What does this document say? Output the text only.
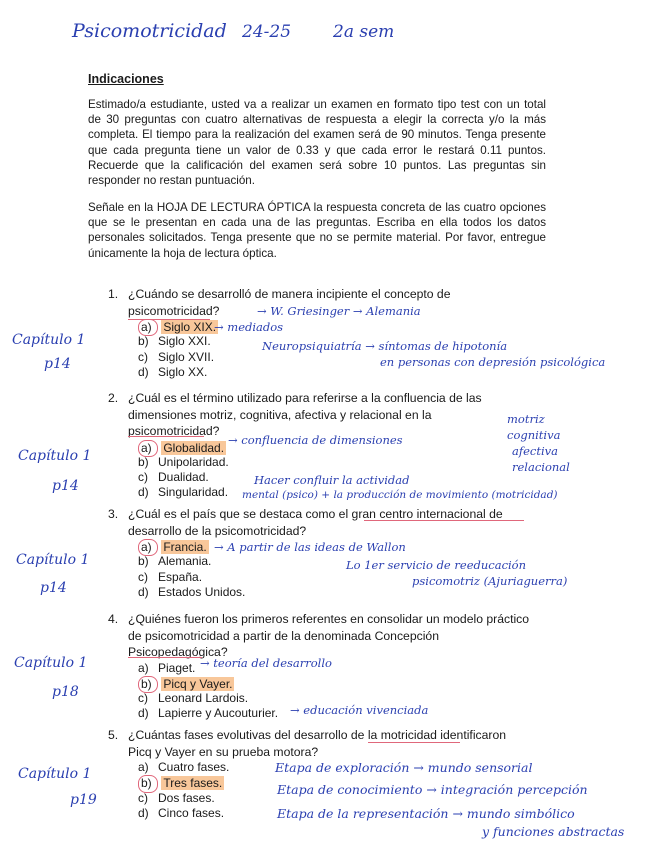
Psicomotricidad 24-25 2a sem
Indicaciones
Estimado/a estudiante, usted va a realizar un examen en formato tipo test con un total de 30 preguntas con cuatro alternativas de respuesta a elegir la correcta y/o la más completa. El tiempo para la realización del examen será de 90 minutos. Tenga presente que cada pregunta tiene un valor de 0.33 y que cada error le restará 0.11 puntos. Recuerde que la calificación del examen será sobre 10 puntos. Las preguntas sin responder no restan puntuación.
Señale en la HOJA DE LECTURA ÓPTICA la respuesta concreta de las cuatro opciones que se le presentan en cada una de las preguntas. Escriba en ella todos los datos personales solicitados. Tenga presente que no se permite material. Por favor, entregue únicamente la hoja de lectura óptica.
1. ¿Cuándo se desarrolló de manera incipiente el concepto de psicomotricidad?
a) Siglo XIX.
b) Siglo XXI.
c) Siglo XVII.
d) Siglo XX.
Capítulo 1
p14
→ W. Griesinger → Alemania
→ mediados
Neuropsiquiatría → síntomas de hipotonía
en personas con depresión psicológica
2. ¿Cuál es el término utilizado para referirse a la confluencia de las dimensiones motriz, cognitiva, afectiva y relacional en la psicomotricidad?
a) Globalidad.
b) Unipolaridad.
c) Dualidad.
d) Singularidad.
Capítulo 1
p14
→ confluencia de dimensiones
motriz
cognitiva
afectiva
relacional
Hacer confluir la actividad
mental (psico) + la producción de movimiento (motricidad)
3. ¿Cuál es el país que se destaca como el gran centro internacional de desarrollo de la psicomotricidad?
a) Francia.
b) Alemania.
c) España.
d) Estados Unidos.
Capítulo 1
p14
→ A partir de las ideas de Wallon
Lo 1er servicio de reeducación
psicomotriz (Ajuriaguerra)
4. ¿Quiénes fueron los primeros referentes en consolidar un modelo práctico de psicomotricidad a partir de la denominada Concepción Psicopedagógica?
a) Piaget.
b) Picq y Vayer.
c) Leonard Lardois.
d) Lapierre y Aucouturier.
Capítulo 1
p18
→ teoría del desarrollo
→ educación vivenciada
5. ¿Cuántas fases evolutivas del desarrollo de la motricidad identificaron Picq y Vayer en su prueba motora?
a) Cuatro fases.
b) Tres fases.
c) Dos fases.
d) Cinco fases.
Capítulo 1
p19
Etapa de exploración → mundo sensorial
Etapa de conocimiento → integración percepción
Etapa de la representación → mundo simbólico
y funciones abstractas
